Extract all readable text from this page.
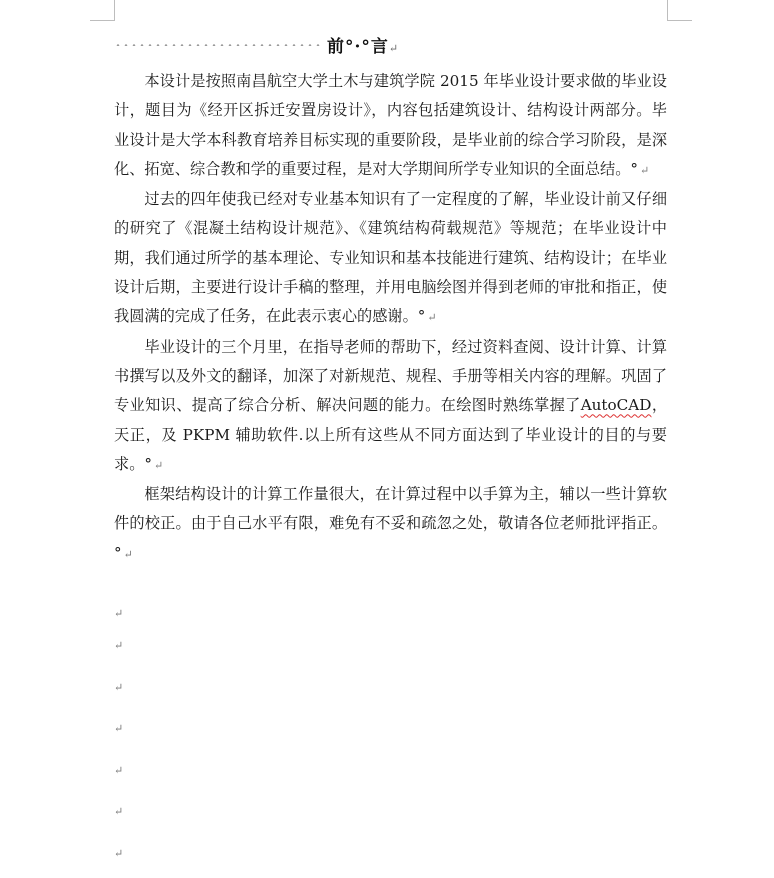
前°·°言↵

本设计是按照南昌航空大学土木与建筑学院 2015 年毕业设计要求做的毕业设计，题目为《经开区拆迁安置房设计》，内容包括建筑设计、结构设计两部分。毕业设计是大学本科教育培养目标实现的重要阶段，是毕业前的综合学习阶段，是深化、拓宽、综合教和学的重要过程，是对大学期间所学专业知识的全面总结。° ↵

过去的四年使我已经对专业基本知识有了一定程度的了解，毕业设计前又仔细的研究了《混凝土结构设计规范》、《建筑结构荷载规范》等规范；在毕业设计中期，我们通过所学的基本理论、专业知识和基本技能进行建筑、结构设计；在毕业设计后期，主要进行设计手稿的整理，并用电脑绘图并得到老师的审批和指正，使我圆满的完成了任务，在此表示衷心的感谢。° ↵

毕业设计的三个月里，在指导老师的帮助下，经过资料查阅、设计计算、计算书撰写以及外文的翻译，加深了对新规范、规程、手册等相关内容的理解。巩固了专业知识、提高了综合分析、解决问题的能力。在绘图时熟练掌握了AutoCAD，天正，及 PKPM 辅助软件.以上所有这些从不同方面达到了毕业设计的目的与要求。° ↵

框架结构设计的计算工作量很大，在计算过程中以手算为主，辅以一些计算软件的校正。由于自己水平有限，难免有不妥和疏忽之处，敬请各位老师批评指正。° ↵

↵
↵
↵
↵
↵
↵
↵
